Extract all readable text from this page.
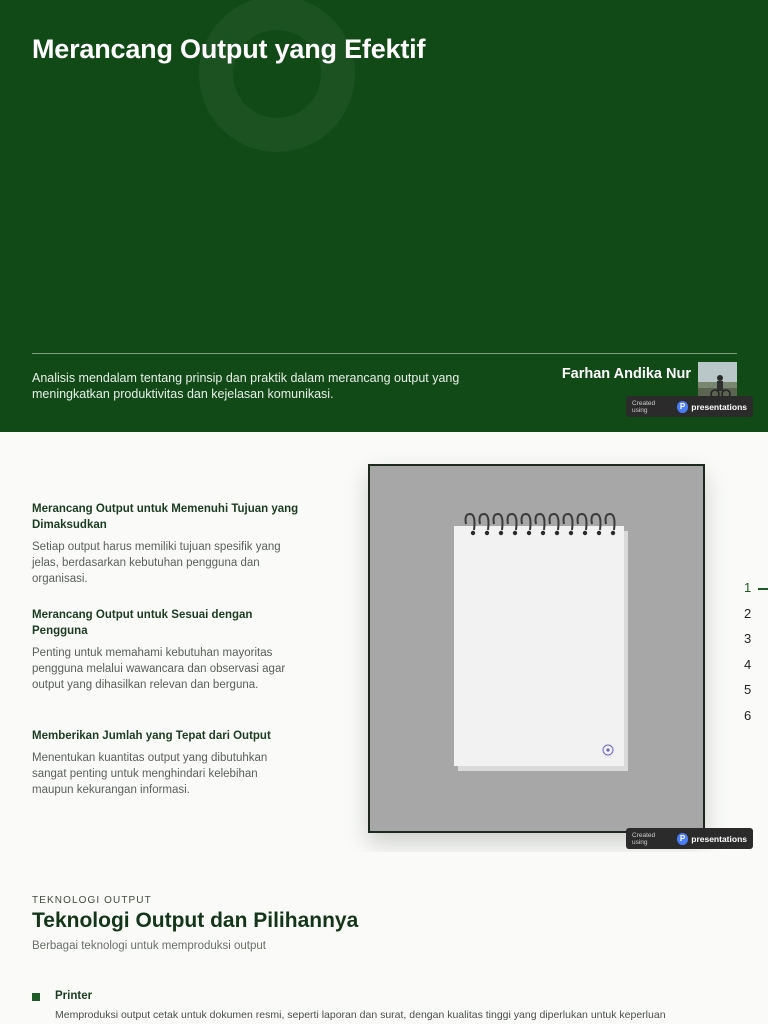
Merancang Output yang Efektif

Analisis mendalam tentang prinsip dan praktik dalam merancang output yang meningkatkan produktivitas dan kejelasan komunikasi.

Farhan Andika Nur
Created using	P presentations
Merancang Output untuk Memenuhi Tujuan yang Dimaksudkan
Setiap output harus memiliki tujuan spesifik yang jelas, berdasarkan kebutuhan pengguna dan organisasi.
Merancang Output untuk Sesuai dengan Pengguna
Penting untuk memahami kebutuhan mayoritas pengguna melalui wawancara dan observasi agar output yang dihasilkan relevan dan berguna.
Memberikan Jumlah yang Tepat dari Output
Menentukan kuantitas output yang dibutuhkan sangat penting untuk menghindari kelebihan maupun kekurangan informasi.
1
2
3
4
5
6
Created using	P presentations
TEKNOLOGI OUTPUT
Teknologi Output dan Pilihannya
Berbagai teknologi untuk memproduksi output
Printer
Memproduksi output cetak untuk dokumen resmi, seperti laporan dan surat, dengan kualitas tinggi yang diperlukan untuk keperluan
